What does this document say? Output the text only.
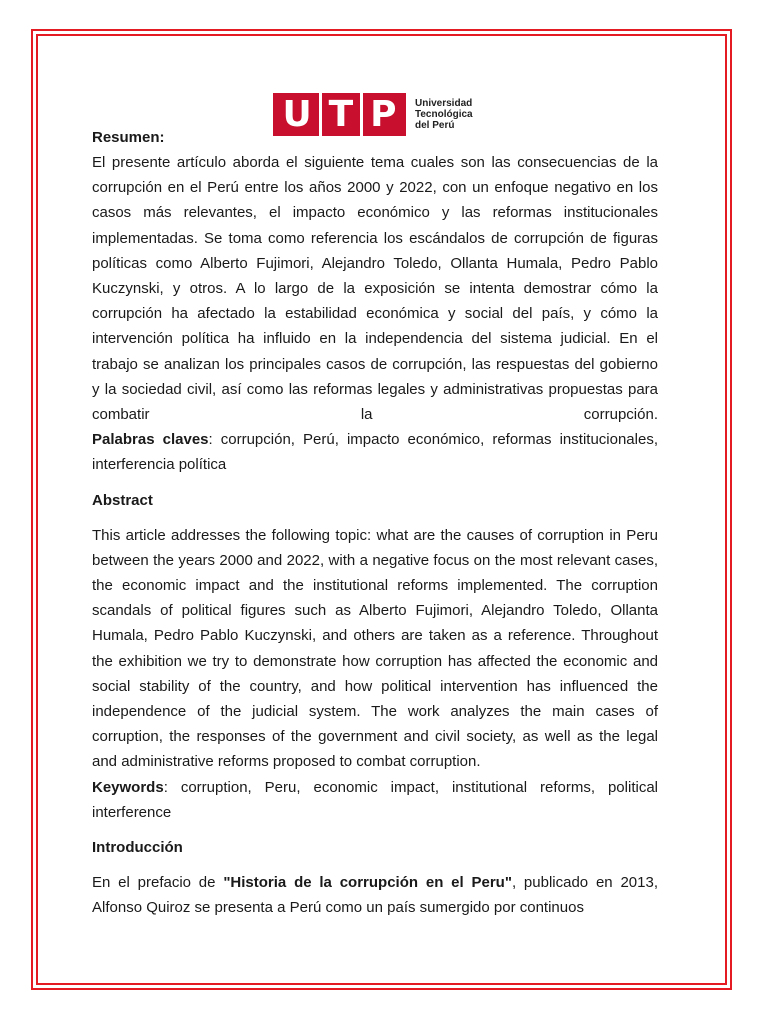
U T P Universidad
Tecnológica
del Perú
Resumen:

El presente artículo aborda el siguiente tema cuales son las consecuencias de la corrupción en el Perú entre los años 2000 y 2022, con un enfoque negativo en los casos más relevantes, el impacto económico y las reformas institucionales implementadas. Se toma como referencia los escándalos de corrupción de figuras políticas como Alberto Fujimori, Alejandro Toledo, Ollanta Humala, Pedro Pablo Kuczynski, y otros. A lo largo de la exposición se intenta demostrar cómo la corrupción ha afectado la estabilidad económica y social del país, y cómo la intervención política ha influido en la independencia del sistema judicial. En el trabajo se analizan los principales casos de corrupción, las respuestas del gobierno y la sociedad civil, así como las reformas legales y administrativas propuestas para combatir la corrupción.

Palabras claves: corrupción, Perú, impacto económico, reformas institucionales, interferencia política

Abstract

This article addresses the following topic: what are the causes of corruption in Peru between the years 2000 and 2022, with a negative focus on the most relevant cases, the economic impact and the institutional reforms implemented. The corruption scandals of political figures such as Alberto Fujimori, Alejandro Toledo, Ollanta Humala, Pedro Pablo Kuczynski, and others are taken as a reference. Throughout the exhibition we try to demonstrate how corruption has affected the economic and social stability of the country, and how political intervention has influenced the independence of the judicial system. The work analyzes the main cases of corruption, the responses of the government and civil society, as well as the legal and administrative reforms proposed to combat corruption.

Keywords: corruption, Peru, economic impact, institutional reforms, political interference

Introducción

En el prefacio de "Historia de la corrupción en el Peru", publicado en 2013, Alfonso Quiroz se presenta a Perú como un país sumergido por continuos
